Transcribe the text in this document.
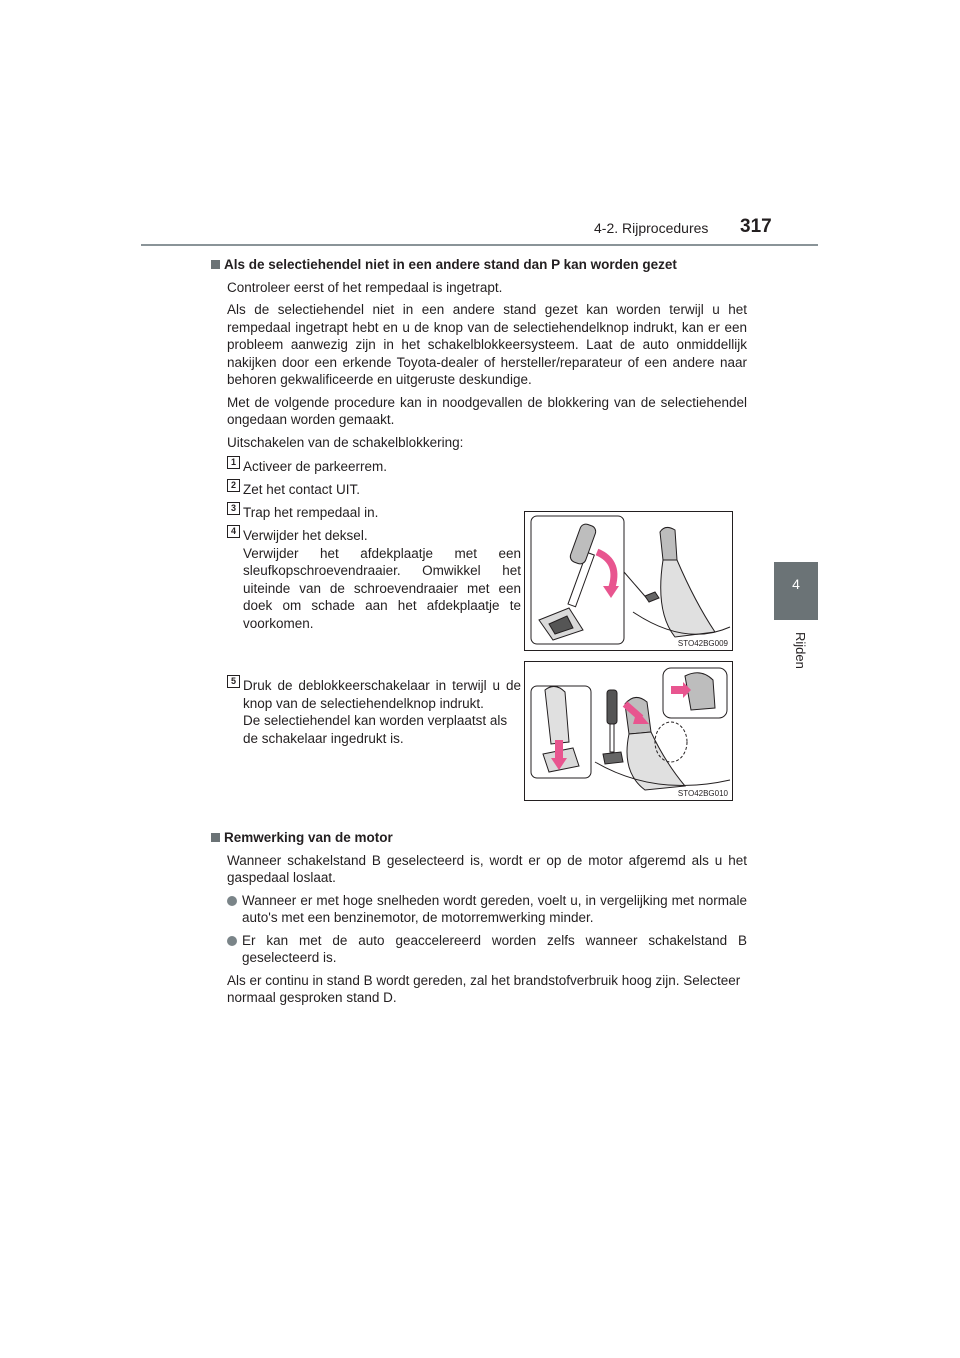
4-2. Rijprocedures 317
4
Rijden

Als de selectiehendel niet in een andere stand dan P kan worden gezet

Controleer eerst of het rempedaal is ingetrapt.

Als de selectiehendel niet in een andere stand gezet kan worden terwijl u het rempedaal ingetrapt hebt en u de knop van de selectiehendelknop indrukt, kan er een probleem aanwezig zijn in het schakelblokkeersysteem. Laat de auto onmiddellijk nakijken door een erkende Toyota-dealer of hersteller/reparateur of een andere naar behoren gekwalificeerde en uitgeruste deskundige.

Met de volgende procedure kan in noodgevallen de blokkering van de selectiehendel ongedaan worden gemaakt.

Uitschakelen van de schakelblokkering:

1 Activeer de parkeerrem.
2 Zet het contact UIT.
3 Trap het rempedaal in.
4 Verwijder het deksel.
Verwijder het afdekplaatje met een sleufkopschroevendraaier. Omwikkel het uiteinde van de schroevendraaier met een doek om schade aan het afdekplaatje te voorkomen.
5 Druk de deblokkeerschakelaar in terwijl u de knop van de selectiehendelknop indrukt.
De selectiehendel kan worden verplaatst als de schakelaar ingedrukt is.

Remwerking van de motor

Wanneer schakelstand B geselecteerd is, wordt er op de motor afgeremd als u het gaspedaal loslaat.

Wanneer er met hoge snelheden wordt gereden, voelt u, in vergelijking met normale auto's met een benzinemotor, de motorremwerking minder.

Er kan met de auto geaccelereerd worden zelfs wanneer schakelstand B geselecteerd is.

Als er continu in stand B wordt gereden, zal het brandstofverbruik hoog zijn. Selecteer normaal gesproken stand D.

STO42BG009
STO42BG010
